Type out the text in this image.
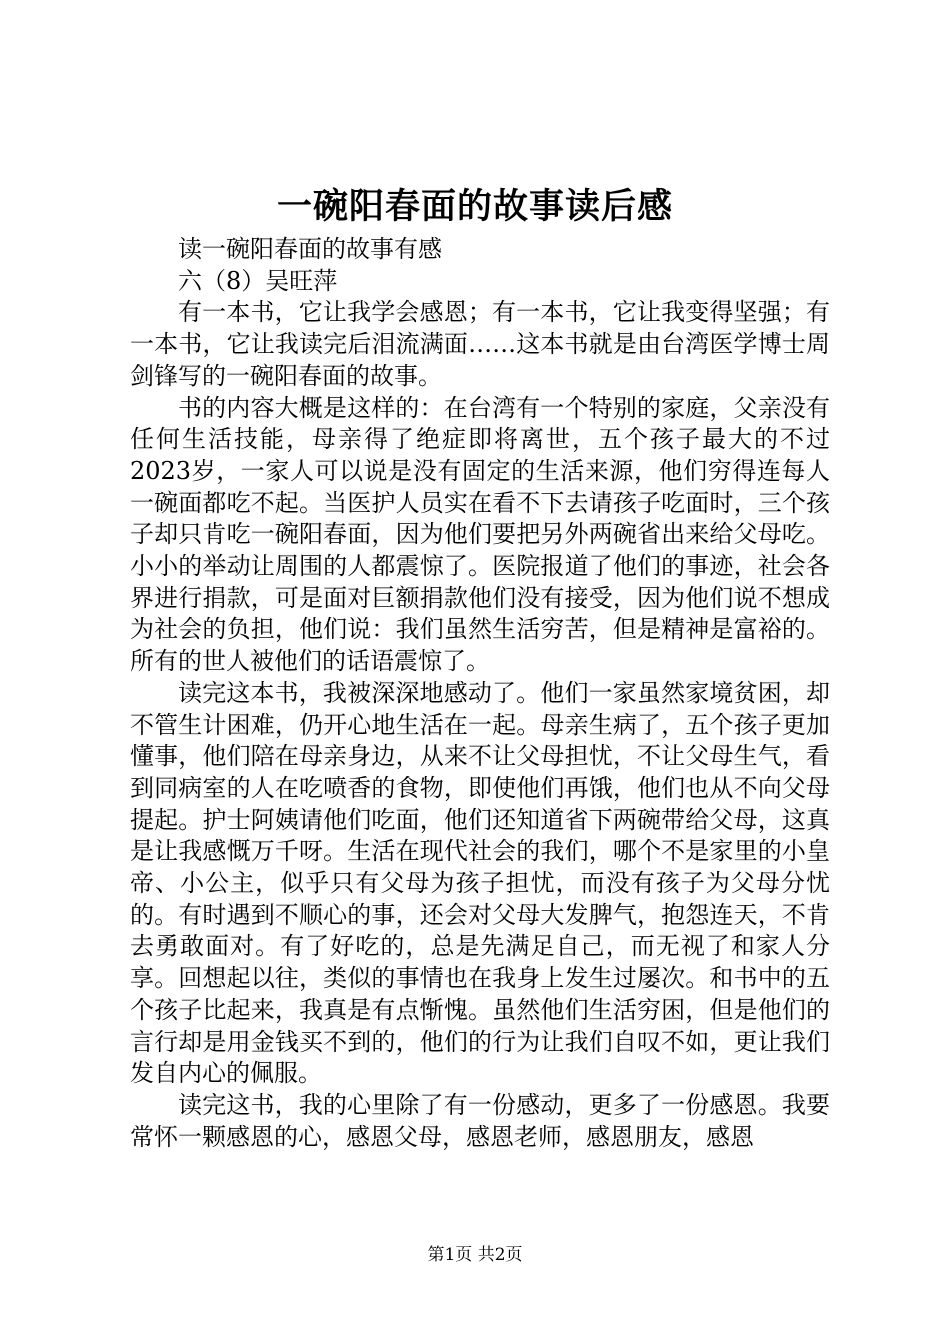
一碗阳春面的故事读后感

读一碗阳春面的故事有感

六（8）吴旺萍

有一本书，它让我学会感恩；有一本书，它让我变得坚强；有一本书，它让我读完后泪流满面……这本书就是由台湾医学博士周剑锋写的一碗阳春面的故事。

书的内容大概是这样的：在台湾有一个特别的家庭，父亲没有任何生活技能，母亲得了绝症即将离世，五个孩子最大的不过2023岁，一家人可以说是没有固定的生活来源，他们穷得连每人一碗面都吃不起。当医护人员实在看不下去请孩子吃面时，三个孩子却只肯吃一碗阳春面，因为他们要把另外两碗省出来给父母吃。小小的举动让周围的人都震惊了。医院报道了他们的事迹，社会各界进行捐款，可是面对巨额捐款他们没有接受，因为他们说不想成为社会的负担，他们说：我们虽然生活穷苦，但是精神是富裕的。所有的世人被他们的话语震惊了。

读完这本书，我被深深地感动了。他们一家虽然家境贫困，却不管生计困难，仍开心地生活在一起。母亲生病了，五个孩子更加懂事，他们陪在母亲身边，从来不让父母担忧，不让父母生气，看到同病室的人在吃喷香的食物，即使他们再饿，他们也从不向父母提起。护士阿姨请他们吃面，他们还知道省下两碗带给父母，这真是让我感慨万千呀。生活在现代社会的我们，哪个不是家里的小皇帝、小公主，似乎只有父母为孩子担忧，而没有孩子为父母分忧的。有时遇到不顺心的事，还会对父母大发脾气，抱怨连天，不肯去勇敢面对。有了好吃的，总是先满足自己，而无视了和家人分享。回想起以往，类似的事情也在我身上发生过屡次。和书中的五个孩子比起来，我真是有点惭愧。虽然他们生活穷困，但是他们的言行却是用金钱买不到的，他们的行为让我们自叹不如，更让我们发自内心的佩服。

读完这书，我的心里除了有一份感动，更多了一份感恩。我要常怀一颗感恩的心，感恩父母，感恩老师，感恩朋友，感恩

第1页 共2页
